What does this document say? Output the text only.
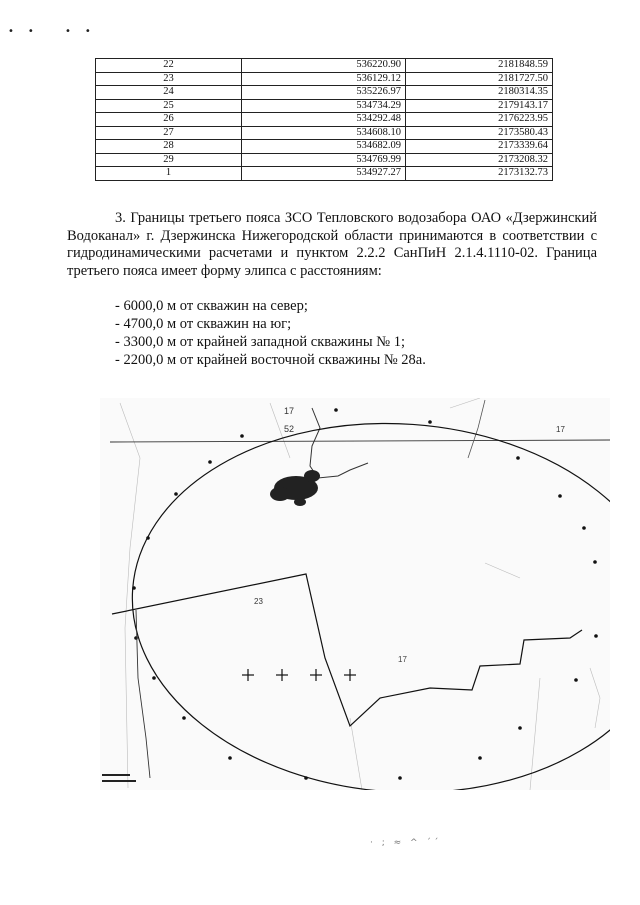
•• ••
22	536220.90	2181848.59
23	536129.12	2181727.50
24	535226.97	2180314.35
25	534734.29	2179143.17
26	534292.48	2176223.95
27	534608.10	2173580.43
28	534682.09	2173339.64
29	534769.99	2173208.32
1	534927.27	2173132.73
3. Границы третьего пояса ЗСО Тепловского водозабора ОАО «Дзержинский Водоканал» г. Дзержинска Нижегородской области принимаются в соответствии с гидродинамическими расчетами и пунктом 2.2.2 СанПиН 2.1.4.1110-02. Граница третьего пояса имеет форму элипса с расстояниям:
- 6000,0 м от скважин на север;
- 4700,0 м от скважин на юг;
- 3300,0 м от крайней западной скважины № 1;
- 2200,0 м от крайней восточной скважины № 28а.
17
52	17
23
17
· ; ≈ ^ ´´
